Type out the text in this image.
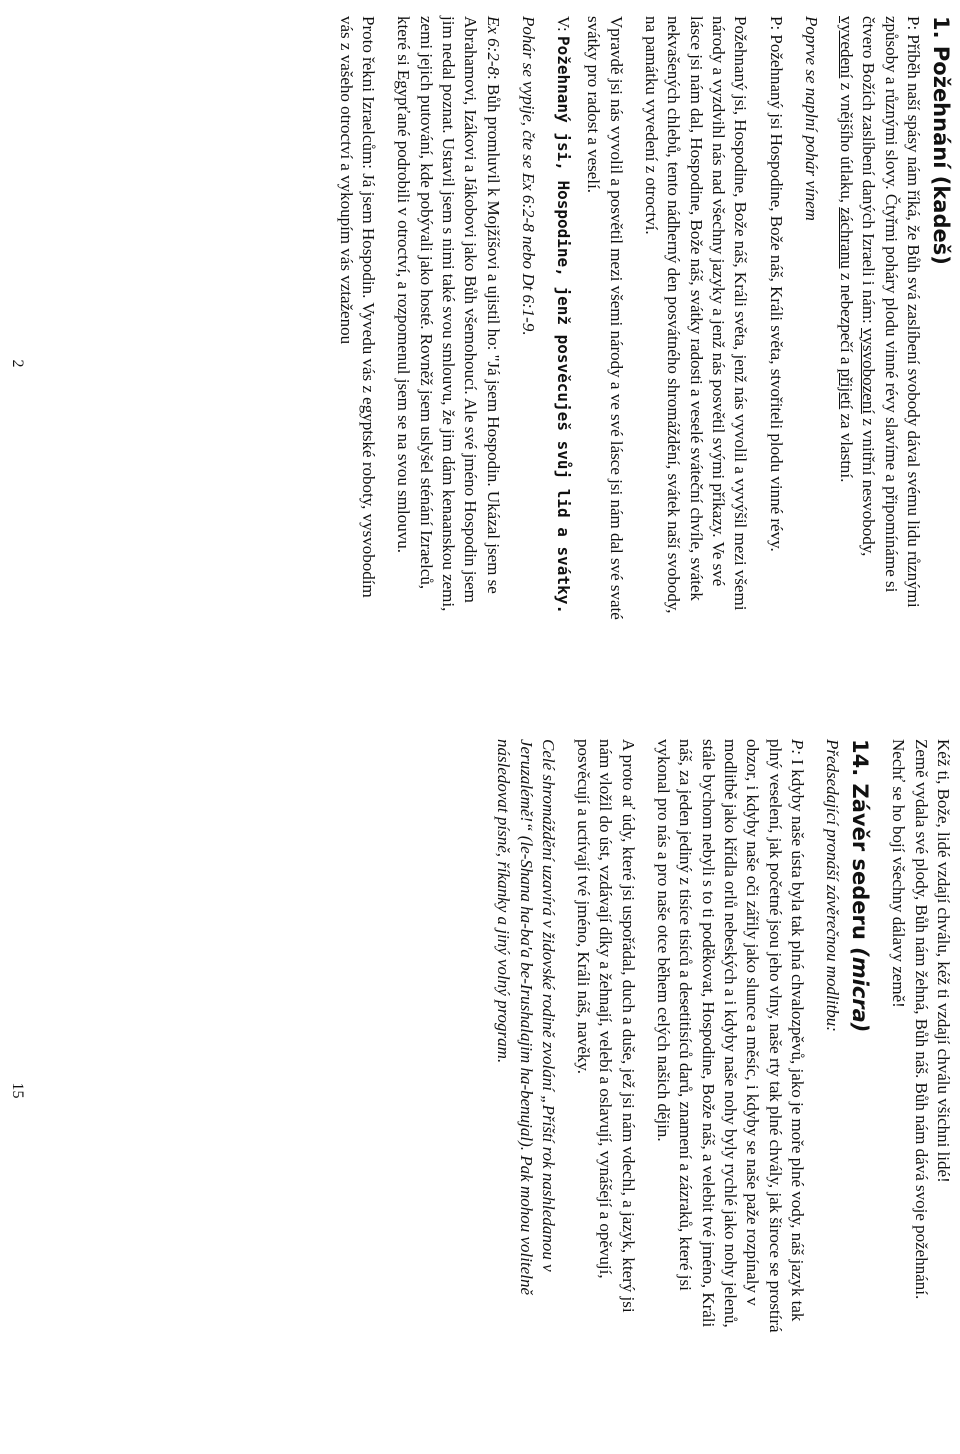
1. Požehnání (kadeš)

P: Příběh naší spásy nám říká, že Bůh svá zaslíbení svobody dával svému lidu různými způsoby a různými slovy. Čtyřmi poháry plodu vinné révy slavíme a připomínáme si čtvero Božích zaslíbení daných Izraeli i nám: vysvobození z vnitřní nesvobody, vyvedení z vnějšího útlaku, záchranu z nebezpečí a přijetí za vlastní.

Poprve se naplní pohár vínem

P: Požehnaný jsi Hospodine, Bože náš, Králi světa, stvořiteli plodu vinné révy.

Požehnaný jsi, Hospodine, Bože náš, Králi světa, jenž nás vyvolil a vyvýšil mezi všemi národy a vyzdvihl nás nad všechny jazyky a jenž nás posvětil svými příkazy. Ve své lásce jsi nám dal, Hospodine, Bože náš, svátky radosti a veselé sváteční chvíle, svátek nekvašených chlebů, tento nádherný den posvátného shromáždění, svátek naší svobody, na památku vyvedení z otroctví.

Vpravdě jsi nás vyvolil a posvětil mezi všemi národy a ve své lásce jsi nám dal své svaté svátky pro radost a veselí.

V: Požehnaný jsi, Hospodine, jenž posvěcuješ svůj lid a svátky.

Pohár se vypije, čte se Ex 6:2-8 nebo Dt 6:1-9.

Ex 6:2-8: Bůh promluvil k Mojžíšovi a ujistil ho: "Já jsem Hospodin. Ukázal jsem se Abrahamovi, Izákovi a Jákobovi jako Bůh všemohoucí. Ale své jméno Hospodin jsem jim nedal poznat. Ustavil jsem s nimi také svou smlouvu, že jim dám kenaanskou zemi, zemi jejich putování, kde pobývali jako hosté. Rovněž jsem uslyšel sténání Izraelců, které si Egypťané podrobili v otroctví, a rozpomenul jsem se na svou smlouvu.

Proto řekni Izraelcům: Já jsem Hospodin. Vyvedu vás z egyptské roboty, vysvobodím vás z vašeho otroctví a vykoupím vás vztaženou

2

Kéž ti, Bože, lidé vzdají chválu, kéž ti vzdají chválu všichni lidé!

Země vydala své plody, Bůh nám žehná, Bůh náš. Bůh nám dává svoje požehnání. Nechť se ho bojí všechny dálavy země!

14. Závěr sederu (micra)

Předsedající pronáší závěrečnou modlitbu:

P: I kdyby naše ústa byla tak plná chvalozpěvů, jako je moře plné vody, náš jazyk tak plný veselení, jak početné jsou jeho vlny, naše rty tak plné chvály, jak široce se prostírá obzor, i kdyby naše oči zářily jako slunce a měsíc, i kdyby se naše paže rozpínaly v modlitbě jako křídla orlů nebeských a i kdyby naše nohy byly rychlé jako nohy jelenů, stále bychom nebyli s to ti poděkovat, Hospodine, Bože náš, a velebit tvé jméno, Králi náš, za jeden jediný z tisíce tisíců a desetitisíců darů, znamení a zázraků, které jsi vykonal pro nás a pro naše otce během celých našich dějin.

A proto ať údy, které jsi uspořádal, duch a duše, jež jsi nám vdechl, a jazyk, který jsi nám vložil do úst, vzdávají díky a žehnají, velebí a oslavují, vynášejí a opěvují, posvěcují a uctívají tvé jméno, Králi náš, navěky.

Celé shromáždění uzavírá v židovské rodině zvolání „Příští rok nashledanou v Jeruzalémě!“ (le-Shana ha-ba'a be-Irushalajim ha-benujal). Pak mohou volitelně následovat písně, říkanky a jiný volný program.

15
